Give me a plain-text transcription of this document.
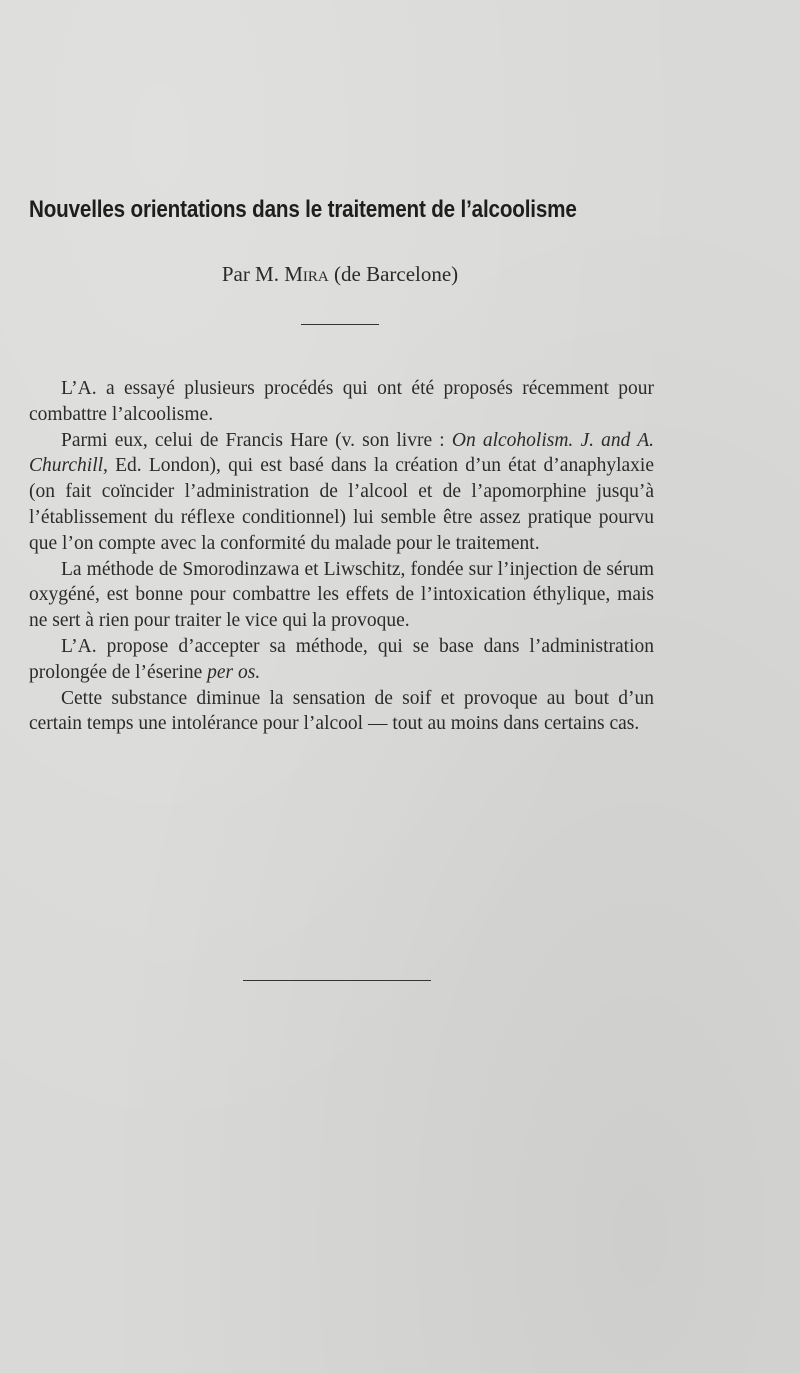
Nouvelles orientations dans le traitement de l’alcoolisme
Par M. Mira (de Barcelone)

L’A. a essayé plusieurs procédés qui ont été proposés récemment pour combattre l’alcoolisme.

Parmi eux, celui de Francis Hare (v. son livre : On alcoholism. J. and A. Churchill, Ed. London), qui est basé dans la création d’un état d’anaphylaxie (on fait coïncider l’administration de l’alcool et de l’apomorphine jusqu’à l’établissement du réflexe conditionnel) lui semble être assez pratique pourvu que l’on compte avec la conformité du malade pour le traitement.

La méthode de Smorodinzawa et Liwschitz, fondée sur l’injection de sérum oxygéné, est bonne pour combattre les effets de l’intoxication éthylique, mais ne sert à rien pour traiter le vice qui la provoque.

L’A. propose d’accepter sa méthode, qui se base dans l’administration prolongée de l’éserine per os.

Cette substance diminue la sensation de soif et provoque au bout d’un certain temps une intolérance pour l’alcool — tout au moins dans certains cas.
